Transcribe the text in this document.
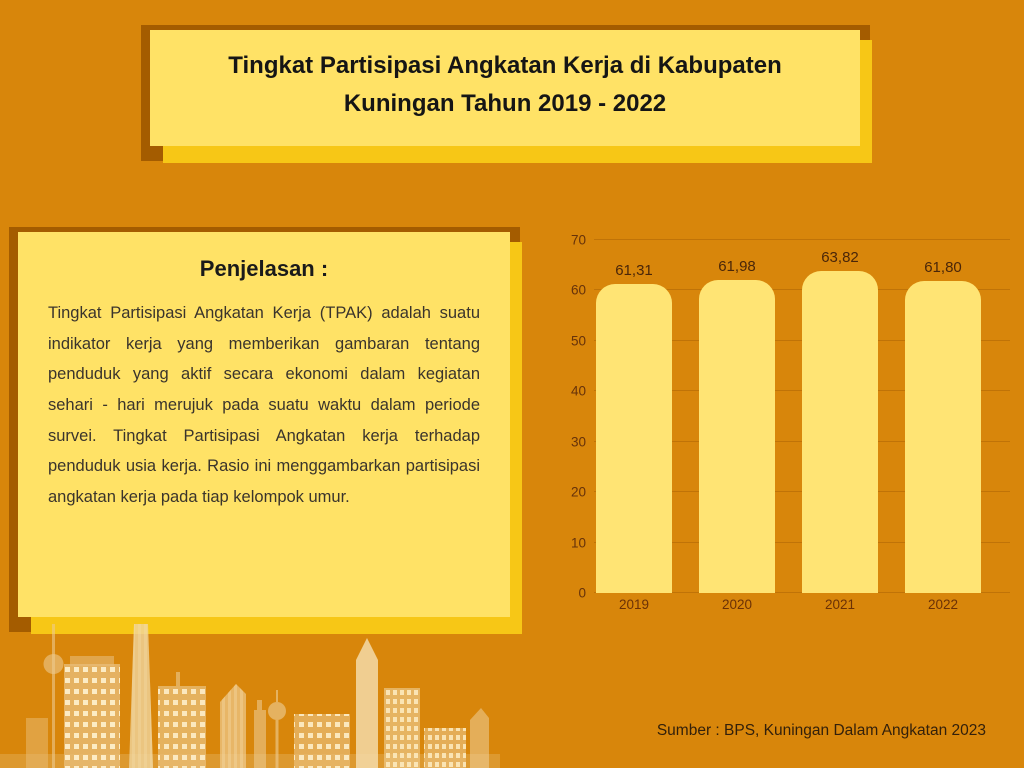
Tingkat Partisipasi Angkatan Kerja di Kabupaten Kuningan Tahun 2019 - 2022
Penjelasan :

Tingkat Partisipasi Angkatan Kerja (TPAK) adalah suatu indikator kerja yang memberikan gambaran tentang penduduk yang aktif secara ekonomi dalam kegiatan sehari - hari merujuk pada suatu waktu dalam periode survei. Tingkat Partisipasi Angkatan kerja terhadap penduduk usia kerja. Rasio ini menggambarkan partisipasi angkatan kerja pada tiap kelompok umur.

0
10
20
30
40
50
60
70
61,31	61,98
63,82
61,80
2019	2020	2021	2022
Sumber : BPS, Kuningan Dalam Angkatan 2023
